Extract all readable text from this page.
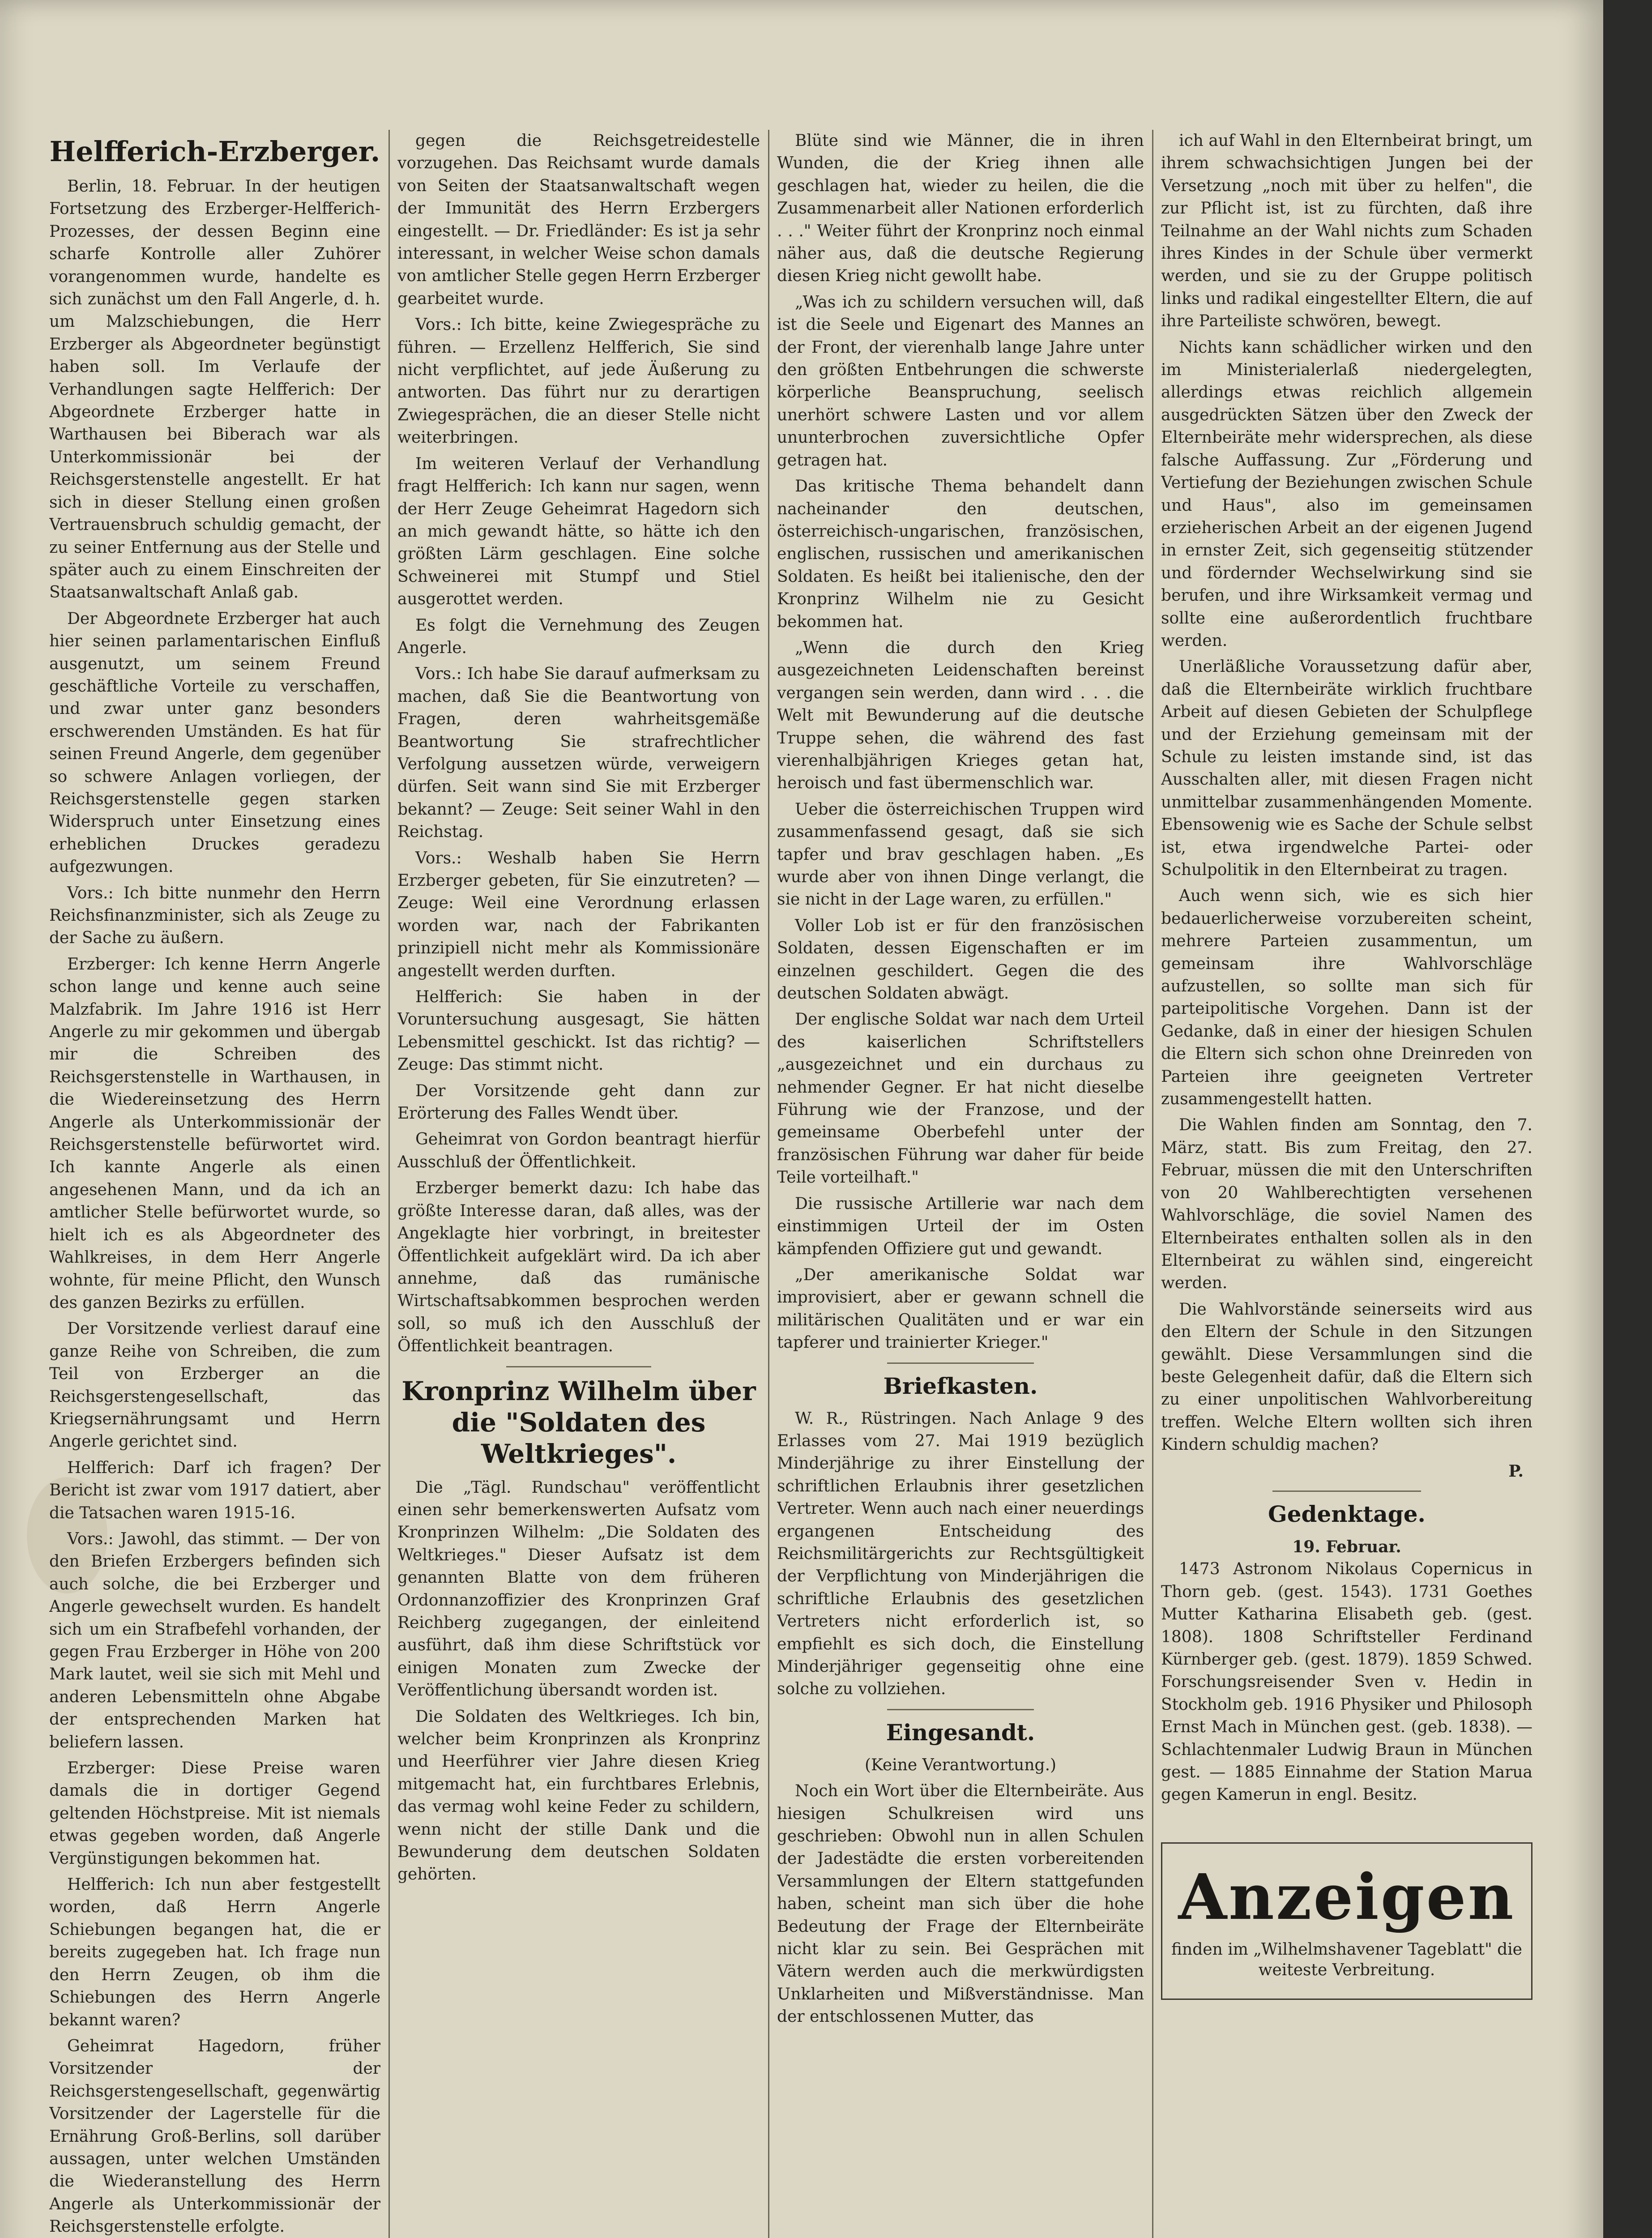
Helfferich-Erzberger.

Berlin, 18. Februar. In der heutigen Fortsetzung des Erzberger-Helfferich-Prozesses, der dessen Beginn eine scharfe Kontrolle aller Zuhörer vorangenommen wurde, handelte es sich zunächst um den Fall Angerle, d. h. um Malzschiebungen, die Herr Erzberger als Abgeordneter begünstigt haben soll. Im Verlaufe der Verhandlungen sagte Helfferich: Der Abgeordnete Erzberger hatte in Warthausen bei Biberach war als Unterkommissionär bei der Reichsgerstenstelle angestellt. Er hat sich in dieser Stellung einen großen Vertrauensbruch schuldig gemacht, der zu seiner Entfernung aus der Stelle und später auch zu einem Einschreiten der Staatsanwaltschaft Anlaß gab.

Der Abgeordnete Erzberger hat auch hier seinen parlamentarischen Einfluß ausgenutzt, um seinem Freund geschäftliche Vorteile zu verschaffen, und zwar unter ganz besonders erschwerenden Umständen. Es hat für seinen Freund Angerle, dem gegenüber so schwere Anlagen vorliegen, der Reichsgerstenstelle gegen starken Widerspruch unter Einsetzung eines erheblichen Druckes geradezu aufgezwungen.

Vors.: Ich bitte nunmehr den Herrn Reichsfinanzminister, sich als Zeuge zu der Sache zu äußern.

Erzberger: Ich kenne Herrn Angerle schon lange und kenne auch seine Malzfabrik. Im Jahre 1916 ist Herr Angerle zu mir gekommen und übergab mir die Schreiben des Reichsgerstenstelle in Warthausen, in die Wiedereinsetzung des Herrn Angerle als Unterkommissionär der Reichsgerstenstelle befürwortet wird. Ich kannte Angerle als einen angesehenen Mann, und da ich an amtlicher Stelle befürwortet wurde, so hielt ich es als Abgeordneter des Wahlkreises, in dem Herr Angerle wohnte, für meine Pflicht, den Wunsch des ganzen Bezirks zu erfüllen.

Der Vorsitzende verliest darauf eine ganze Reihe von Schreiben, die zum Teil von Erzberger an die Reichsgerstengesellschaft, das Kriegsernährungsamt und Herrn Angerle gerichtet sind.

Helfferich: Darf ich fragen? Der Bericht ist zwar vom 1917 datiert, aber die Tatsachen waren 1915-16.

Vors.: Jawohl, das stimmt. — Der von den Briefen Erzbergers befinden sich auch solche, die bei Erzberger und Angerle gewechselt wurden. Es handelt sich um ein Strafbefehl vorhanden, der gegen Frau Erzberger in Höhe von 200 Mark lautet, weil sie sich mit Mehl und anderen Lebensmitteln ohne Abgabe der entsprechenden Marken hat beliefern lassen.

Erzberger: Diese Preise waren damals die in dortiger Gegend geltenden Höchstpreise. Mit ist niemals etwas gegeben worden, daß Angerle Vergünstigungen bekommen hat.

Helfferich: Ich nun aber festgestellt worden, daß Herrn Angerle Schiebungen begangen hat, die er bereits zugegeben hat. Ich frage nun den Herrn Zeugen, ob ihm die Schiebungen des Herrn Angerle bekannt waren?

Geheimrat Hagedorn, früher Vorsitzender der Reichsgerstengesellschaft, gegenwärtig Vorsitzender der Lagerstelle für die Ernährung Groß-Berlins, soll darüber aussagen, unter welchen Umständen die Wiederanstellung des Herrn Angerle als Unterkommissionär der Reichsgerstenstelle erfolgte.

gegen die Reichsgetreidestelle vorzugehen. Das Reichsamt wurde damals von Seiten der Staatsanwaltschaft wegen der Immunität des Herrn Erzbergers eingestellt. — Dr. Friedländer: Es ist ja sehr interessant, in welcher Weise schon damals von amtlicher Stelle gegen Herrn Erzberger gearbeitet wurde.

Vors.: Ich bitte, keine Zwiegespräche zu führen. — Erzellenz Helfferich, Sie sind nicht verpflichtet, auf jede Äußerung zu antworten. Das führt nur zu derartigen Zwiegesprächen, die an dieser Stelle nicht weiterbringen.

Im weiteren Verlauf der Verhandlung fragt Helfferich: Ich kann nur sagen, wenn der Herr Zeuge Geheimrat Hagedorn sich an mich gewandt hätte, so hätte ich den größten Lärm geschlagen. Eine solche Schweinerei mit Stumpf und Stiel ausgerottet werden.

Es folgt die Vernehmung des Zeugen Angerle.

Vors.: Ich habe Sie darauf aufmerksam zu machen, daß Sie die Beantwortung von Fragen, deren wahrheitsgemäße Beantwortung Sie strafrechtlicher Verfolgung aussetzen würde, verweigern dürfen. Seit wann sind Sie mit Erzberger bekannt? — Zeuge: Seit seiner Wahl in den Reichstag.

Vors.: Weshalb haben Sie Herrn Erzberger gebeten, für Sie einzutreten? — Zeuge: Weil eine Verordnung erlassen worden war, nach der Fabrikanten prinzipiell nicht mehr als Kommissionäre angestellt werden durften.

Helfferich: Sie haben in der Voruntersuchung ausgesagt, Sie hätten Lebensmittel geschickt. Ist das richtig? — Zeuge: Das stimmt nicht.

Der Vorsitzende geht dann zur Erörterung des Falles Wendt über.

Geheimrat von Gordon beantragt hierfür Ausschluß der Öffentlichkeit.

Erzberger bemerkt dazu: Ich habe das größte Interesse daran, daß alles, was der Angeklagte hier vorbringt, in breitester Öffentlichkeit aufgeklärt wird. Da ich aber annehme, daß das rumänische Wirtschaftsabkommen besprochen werden soll, so muß ich den Ausschluß der Öffentlichkeit beantragen.

Kronprinz Wilhelm über die "Soldaten des Weltkrieges".

Die „Tägl. Rundschau" veröffentlicht einen sehr bemerkenswerten Aufsatz vom Kronprinzen Wilhelm: „Die Soldaten des Weltkrieges." Dieser Aufsatz ist dem genannten Blatte von dem früheren Ordonnanzoffizier des Kronprinzen Graf Reichberg zugegangen, der einleitend ausführt, daß ihm diese Schriftstück vor einigen Monaten zum Zwecke der Veröffentlichung übersandt worden ist.

Die Soldaten des Weltkrieges. Ich bin, welcher beim Kronprinzen als Kronprinz und Heerführer vier Jahre diesen Krieg mitgemacht hat, ein furchtbares Erlebnis, das vermag wohl keine Feder zu schildern, wenn nicht der stille Dank und die Bewunderung dem deutschen Soldaten gehörten.

Blüte sind wie Männer, die in ihren Wunden, die der Krieg ihnen alle geschlagen hat, wieder zu heilen, die die Zusammenarbeit aller Nationen erforderlich . . ." Weiter führt der Kronprinz noch einmal näher aus, daß die deutsche Regierung diesen Krieg nicht gewollt habe.

„Was ich zu schildern versuchen will, daß ist die Seele und Eigenart des Mannes an der Front, der vierenhalb lange Jahre unter den größten Entbehrungen die schwerste körperliche Beanspruchung, seelisch unerhört schwere Lasten und vor allem ununterbrochen zuversichtliche Opfer getragen hat.

Das kritische Thema behandelt dann nacheinander den deutschen, österreichisch-ungarischen, französischen, englischen, russischen und amerikanischen Soldaten. Es heißt bei italienische, den der Kronprinz Wilhelm nie zu Gesicht bekommen hat.

„Wenn die durch den Krieg ausgezeichneten Leidenschaften bereinst vergangen sein werden, dann wird . . . die Welt mit Bewunderung auf die deutsche Truppe sehen, die während des fast vierenhalbjährigen Krieges getan hat, heroisch und fast übermenschlich war.

Ueber die österreichischen Truppen wird zusammenfassend gesagt, daß sie sich tapfer und brav geschlagen haben. „Es wurde aber von ihnen Dinge verlangt, die sie nicht in der Lage waren, zu erfüllen."

Voller Lob ist er für den französischen Soldaten, dessen Eigenschaften er im einzelnen geschildert. Gegen die des deutschen Soldaten abwägt.

Der englische Soldat war nach dem Urteil des kaiserlichen Schriftstellers „ausgezeichnet und ein durchaus zu nehmender Gegner. Er hat nicht dieselbe Führung wie der Franzose, und der gemeinsame Oberbefehl unter der französischen Führung war daher für beide Teile vorteilhaft."

Die russische Artillerie war nach dem einstimmigen Urteil der im Osten kämpfenden Offiziere gut und gewandt.

„Der amerikanische Soldat war improvisiert, aber er gewann schnell die militärischen Qualitäten und er war ein tapferer und trainierter Krieger."

Briefkasten.

W. R., Rüstringen. Nach Anlage 9 des Erlasses vom 27. Mai 1919 bezüglich Minderjährige zu ihrer Einstellung der schriftlichen Erlaubnis ihrer gesetzlichen Vertreter. Wenn auch nach einer neuerdings ergangenen Entscheidung des Reichsmilitärgerichts zur Rechtsgültigkeit der Verpflichtung von Minderjährigen die schriftliche Erlaubnis des gesetzlichen Vertreters nicht erforderlich ist, so empfiehlt es sich doch, die Einstellung Minderjähriger gegenseitig ohne eine solche zu vollziehen.

Eingesandt.
(Keine Verantwortung.)

Noch ein Wort über die Elternbeiräte. Aus hiesigen Schulkreisen wird uns geschrieben: Obwohl nun in allen Schulen der Jadestädte die ersten vorbereitenden Versammlungen der Eltern stattgefunden haben, scheint man sich über die hohe Bedeutung der Frage der Elternbeiräte nicht klar zu sein. Bei Gesprächen mit Vätern werden auch die merkwürdigsten Unklarheiten und Mißverständnisse. Man der entschlossenen Mutter, das

ich auf Wahl in den Elternbeirat bringt, um ihrem schwachsichtigen Jungen bei der Versetzung „noch mit über zu helfen", die zur Pflicht ist, ist zu fürchten, daß ihre Teilnahme an der Wahl nichts zum Schaden ihres Kindes in der Schule über vermerkt werden, und sie zu der Gruppe politisch links und radikal eingestellter Eltern, die auf ihre Parteiliste schwören, bewegt.

Nichts kann schädlicher wirken und den im Ministerialerlaß niedergelegten, allerdings etwas reichlich allgemein ausgedrückten Sätzen über den Zweck der Elternbeiräte mehr widersprechen, als diese falsche Auffassung. Zur „Förderung und Vertiefung der Beziehungen zwischen Schule und Haus", also im gemeinsamen erzieherischen Arbeit an der eigenen Jugend in ernster Zeit, sich gegenseitig stützender und fördernder Wechselwirkung sind sie berufen, und ihre Wirksamkeit vermag und sollte eine außerordentlich fruchtbare werden.

Unerläßliche Voraussetzung dafür aber, daß die Elternbeiräte wirklich fruchtbare Arbeit auf diesen Gebieten der Schulpflege und der Erziehung gemeinsam mit der Schule zu leisten imstande sind, ist das Ausschalten aller, mit diesen Fragen nicht unmittelbar zusammenhängenden Momente. Ebensowenig wie es Sache der Schule selbst ist, etwa irgendwelche Partei- oder Schulpolitik in den Elternbeirat zu tragen.

Auch wenn sich, wie es sich hier bedauerlicherweise vorzubereiten scheint, mehrere Parteien zusammentun, um gemeinsam ihre Wahlvorschläge aufzustellen, so sollte man sich für parteipolitische Vorgehen. Dann ist der Gedanke, daß in einer der hiesigen Schulen die Eltern sich schon ohne Dreinreden von Parteien ihre geeigneten Vertreter zusammengestellt hatten.

Die Wahlen finden am Sonntag, den 7. März, statt. Bis zum Freitag, den 27. Februar, müssen die mit den Unterschriften von 20 Wahlberechtigten versehenen Wahlvorschläge, die soviel Namen des Elternbeirates enthalten sollen als in den Elternbeirat zu wählen sind, eingereicht werden.

Die Wahlvorstände seinerseits wird aus den Eltern der Schule in den Sitzungen gewählt. Diese Versammlungen sind die beste Gelegenheit dafür, daß die Eltern sich zu einer unpolitischen Wahlvorbereitung treffen. Welche Eltern wollten sich ihren Kindern schuldig machen?

P.
Gedenktage.
19. Februar.

1473 Astronom Nikolaus Copernicus in Thorn geb. (gest. 1543). 1731 Goethes Mutter Katharina Elisabeth geb. (gest. 1808). 1808 Schriftsteller Ferdinand Kürnberger geb. (gest. 1879). 1859 Schwed. Forschungsreisender Sven v. Hedin in Stockholm geb. 1916 Physiker und Philosoph Ernst Mach in München gest. (geb. 1838). — Schlachtenmaler Ludwig Braun in München gest. — 1885 Einnahme der Station Marua gegen Kamerun in engl. Besitz.

Anzeigen
finden im „Wilhelmshavener Tageblatt" die weiteste Verbreitung.
